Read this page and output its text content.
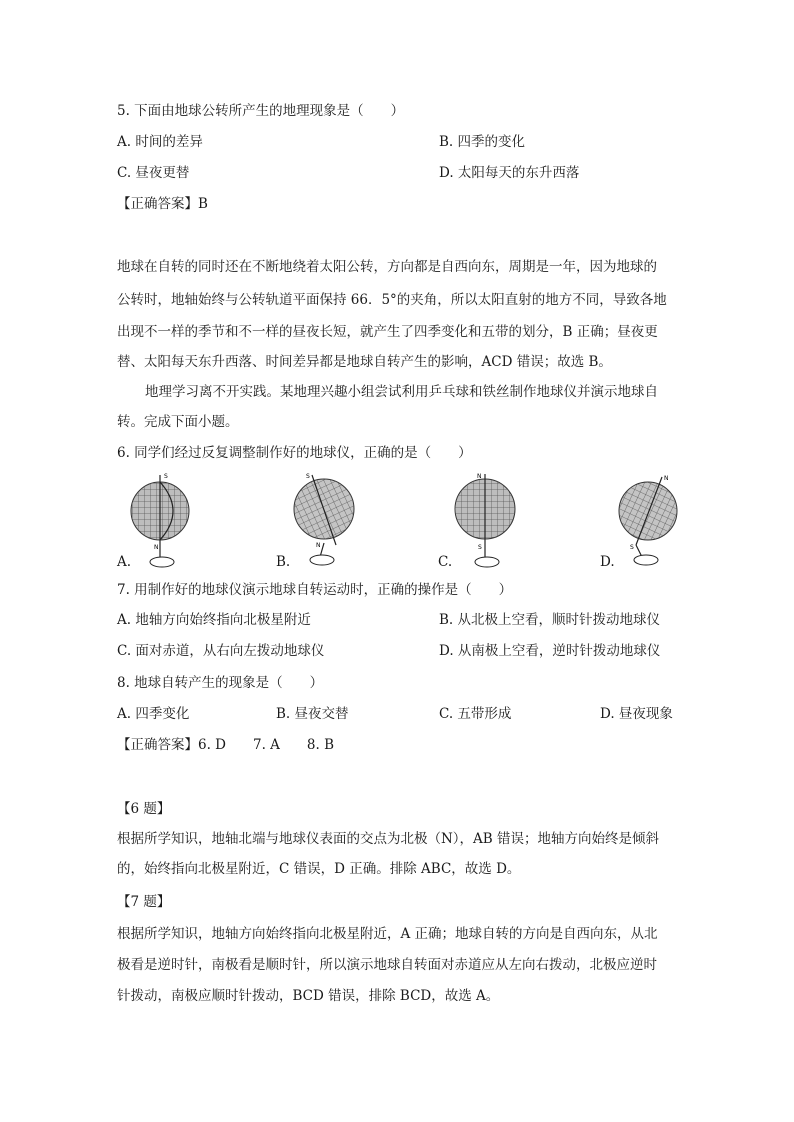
5. 下面由地球公转所产生的地理现象是（　　）
A. 时间的差异	B. 四季的变化
C. 昼夜更替	D. 太阳每天的东升西落
【正确答案】B
地球在自转的同时还在不断地绕着太阳公转，方向都是自西向东，周期是一年，因为地球的
公转时，地轴始终与公转轨道平面保持 66．5°的夹角，所以太阳直射的地方不同，导致各地
出现不一样的季节和不一样的昼夜长短，就产生了四季变化和五带的划分，B 正确；昼夜更
替、太阳每天东升西落、时间差异都是地球自转产生的影响，ACD 错误；故选 B。
地理学习离不开实践。某地理兴趣小组尝试利用乒乓球和铁丝制作地球仪并演示地球自
转。完成下面小题。
6. 同学们经过反复调整制作好的地球仪，正确的是（　　）
S
N
A.
S
N
B.
N
S
C.
N
S
D.
7. 用制作好的地球仪演示地球自转运动时，正确的操作是（　　）
A. 地轴方向始终指向北极星附近	B. 从北极上空看，顺时针拨动地球仪
C. 面对赤道，从右向左拨动地球仪	D. 从南极上空看，逆时针拨动地球仪
8. 地球自转产生的现象是（　　）
A. 四季变化	B. 昼夜交替	C. 五带形成	D. 昼夜现象
【正确答案】6. D　　7. A　　8. B
【6 题】
根据所学知识，地轴北端与地球仪表面的交点为北极（N），AB 错误；地轴方向始终是倾斜
的，始终指向北极星附近，C 错误，D 正确。排除 ABC，故选 D。
【7 题】
根据所学知识，地轴方向始终指向北极星附近，A 正确；地球自转的方向是自西向东，从北
极看是逆时针，南极看是顺时针，所以演示地球自转面对赤道应从左向右拨动，北极应逆时
针拨动，南极应顺时针拨动，BCD 错误，排除 BCD，故选 A。
